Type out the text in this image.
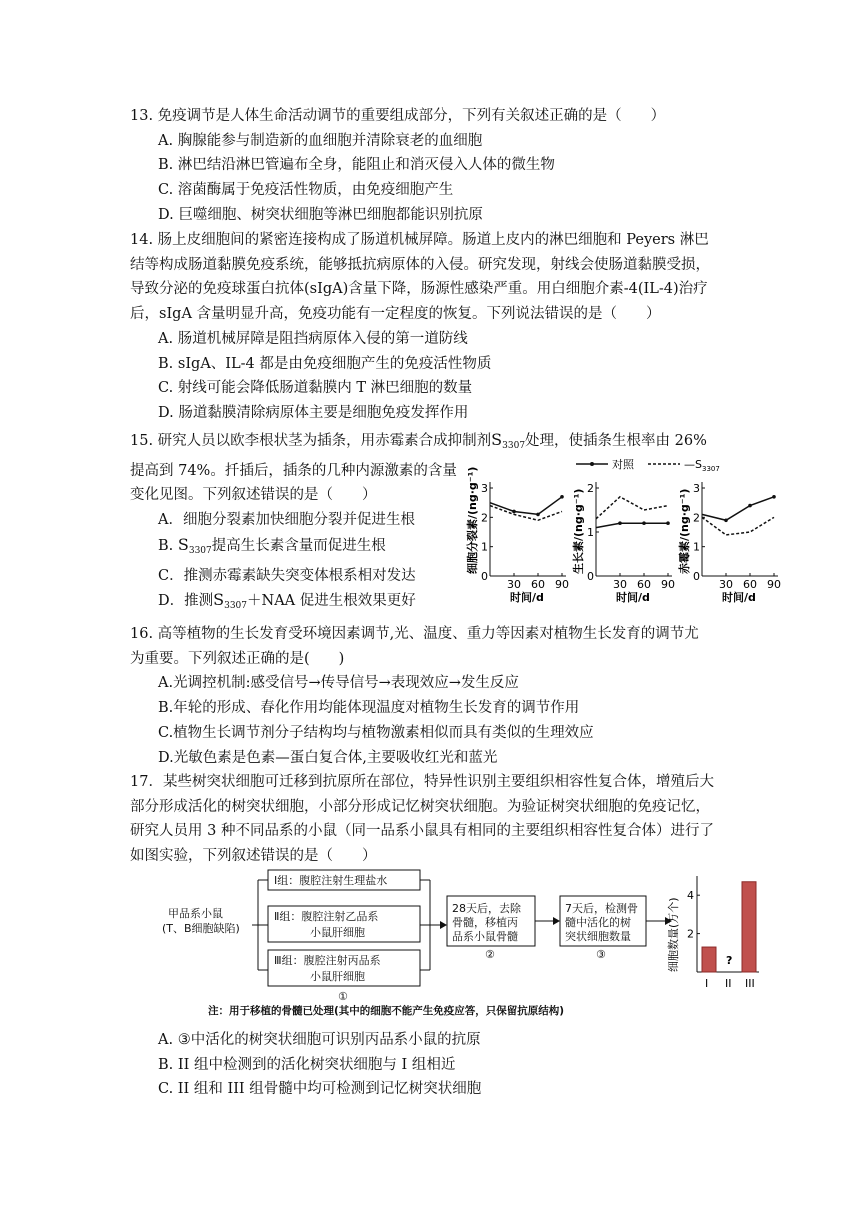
13. 免疫调节是人体生命活动调节的重要组成部分，下列有关叙述正确的是（　　）

A. 胸腺能参与制造新的血细胞并清除衰老的血细胞

B. 淋巴结沿淋巴管遍布全身，能阻止和消灭侵入人体的微生物

C. 溶菌酶属于免疫活性物质，由免疫细胞产生

D. 巨噬细胞、树突状细胞等淋巴细胞都能识别抗原

14. 肠上皮细胞间的紧密连接构成了肠道机械屏障。肠道上皮内的淋巴细胞和 Peyers 淋巴

结等构成肠道黏膜免疫系统，能够抵抗病原体的入侵。研究发现，射线会使肠道黏膜受损，

导致分泌的免疫球蛋白抗体(sIgA)含量下降，肠源性感染严重。用白细胞介素-4(IL-4)治疗

后，sIgA 含量明显升高，免疫功能有一定程度的恢复。下列说法错误的是（　　）

A. 肠道机械屏障是阻挡病原体入侵的第一道防线

B. sIgA、IL-4 都是由免疫细胞产生的免疫活性物质

C. 射线可能会降低肠道黏膜内 T 淋巴细胞的数量

D. 肠道黏膜清除病原体主要是细胞免疫发挥作用

15. 研究人员以欧李根状茎为插条，用赤霉素合成抑制剂$S_{3307}$处理，使插条生根率由 26%

提高到 74%。扦插后，插条的几种内源激素的含量

变化见图。下列叙述错误的是（　　）

A．细胞分裂素加快细胞分裂并促进生根

B. $S_{3307}$提高生长素含量而促进生根

C．推测赤霉素缺失突变体根系相对发达

D．推测$S_{3307}+NAA$ 促进生根效果更好

对照	$—S_{3307}$
0
1
2
3
30 60 90
时间/d
细胞分裂素/(ng·g⁻¹)
0
1
2
30 60 90
时间/d
生长素/(ng·g⁻¹)
0
1
2
3
30 60 90
时间/d
赤霉素/(ng·g⁻¹)

16. 高等植物的生长发育受环境因素调节,光、温度、重力等因素对植物生长发育的调节尤

为重要。下列叙述正确的是(　　)

A.光调控机制:感受信号→传导信号→表现效应→发生反应

B.年轮的形成、春化作用均能体现温度对植物生长发育的调节作用

C.植物生长调节剂分子结构均与植物激素相似而具有类似的生理效应

D.光敏色素是色素—蛋白复合体,主要吸收红光和蓝光

17．某些树突状细胞可迁移到抗原所在部位，特异性识别主要组织相容性复合体，增殖后大

部分形成活化的树突状细胞，小部分形成记忆树突状细胞。为验证树突状细胞的免疫记忆，

研究人员用 3 种不同品系的小鼠（同一品系小鼠具有相同的主要组织相容性复合体）进行了

如图实验，下列叙述错误的是（　　）

甲品系小鼠
(T、B细胞缺陷)
Ⅰ组：腹腔注射生理盐水
Ⅱ组：腹腔注射乙品系
小鼠肝细胞
Ⅲ组：腹腔注射丙品系
小鼠肝细胞
①
28天后，去除
骨髓，移植丙
品系小鼠骨髓
②
7天后，检测骨
髓中活化的树
突状细胞数量
③
2
4
细胞数量(万个)
I II III
?
注：用于移植的骨髓已处理(其中的细胞不能产生免疫应答，只保留抗原结构)

A. ③中活化的树突状细胞可识别丙品系小鼠的抗原

B. II 组中检测到的活化树突状细胞与 I 组相近

C. II 组和 III 组骨髓中均可检测到记忆树突状细胞
